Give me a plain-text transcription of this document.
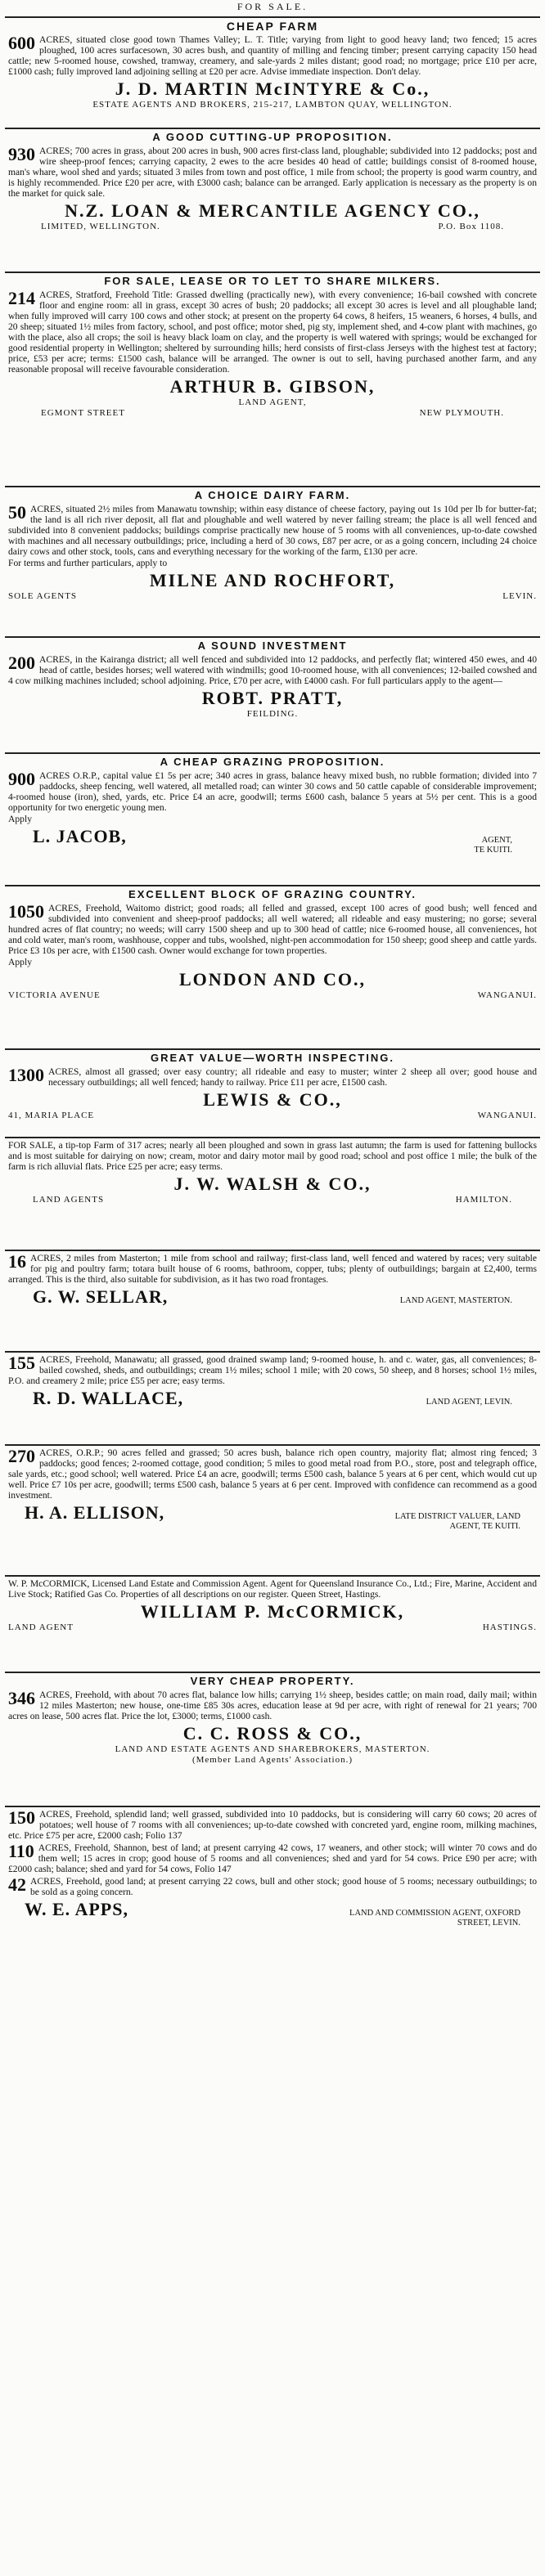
FOR SALE.
CHEAP FARM
600 ACRES, situated close good town Thames Valley; L. T. Title; varying from light to good heavy land; two fenced; 15 acres ploughed, 100 acres surfacesown, 30 acres bush, and quantity of milling and fencing timber; present carrying capacity 150 head cattle; new 5-roomed house, cowshed, tramway, creamery, and sale-yards 2 miles distant; good road; no mortgage; price £10 per acre, £1000 cash; fully improved land adjoining selling at £20 per acre. Advise immediate inspection. Don't delay.
J. D. MARTIN McINTYRE & Co.,
ESTATE AGENTS AND BROKERS, 215-217, LAMBTON QUAY, WELLINGTON.
A GOOD CUTTING-UP PROPOSITION.
930 ACRES; 700 acres in grass, about 200 acres in bush, 900 acres first-class land, ploughable; subdivided into 12 paddocks; post and wire sheep-proof fences; carrying capacity, 2 ewes to the acre besides 40 head of cattle; buildings consist of 8-roomed house, man's whare, wool shed and yards; situated 3 miles from town and post office, 1 mile from school; the property is good warm country, and is highly recommended. Price £20 per acre, with £3000 cash; balance can be arranged. Early application is necessary as the property is on the market for quick sale.
N.Z. LOAN & MERCANTILE AGENCY CO.,
LIMITED, WELLINGTON.	P.O. Box 1108.
FOR SALE, LEASE OR TO LET TO SHARE MILKERS.
214 ACRES, Stratford, Freehold Title: Grassed dwelling (practically new), with every convenience; 16-bail cowshed with concrete floor and engine room: all in grass, except 30 acres of bush; 20 paddocks; all except 30 acres is level and all ploughable land; when fully improved will carry 100 cows and other stock; at present on the property 64 cows, 8 heifers, 15 weaners, 6 horses, 4 bulls, and 20 sheep; situated 1½ miles from factory, school, and post office; motor shed, pig sty, implement shed, and 4-cow plant with machines, go with the place, also all crops; the soil is heavy black loam on clay, and the property is well watered with springs; would be exchanged for good residential property in Wellington; sheltered by surrounding hills; herd consists of first-class Jerseys with the highest test at factory; price, £53 per acre; terms: £1500 cash, balance will be arranged. The owner is out to sell, having purchased another farm, and any reasonable proposal will receive favourable consideration.
ARTHUR B. GIBSON,
LAND AGENT,
EGMONT STREET	NEW PLYMOUTH.
A CHOICE DAIRY FARM.
50 ACRES, situated 2½ miles from Manawatu township; within easy distance of cheese factory, paying out 1s 10d per lb for butter-fat; the land is all rich river deposit, all flat and ploughable and well watered by never failing stream; the place is all well fenced and subdivided into 8 convenient paddocks; buildings comprise practically new house of 5 rooms with all conveniences, up-to-date cowshed with machines and all necessary outbuildings; price, including a herd of 30 cows, £87 per acre, or as a going concern, including 24 choice dairy cows and other stock, tools, cans and everything necessary for the working of the farm, £130 per acre.
For terms and further particulars, apply to
MILNE AND ROCHFORT,
SOLE AGENTS	LEVIN.
A SOUND INVESTMENT
200 ACRES, in the Kairanga district; all well fenced and subdivided into 12 paddocks, and perfectly flat; wintered 450 ewes, and 40 head of cattle, besides horses; well watered with windmills; good 10-roomed house, with all conveniences; 12-bailed cowshed and 4 cow milking machines included; school adjoining. Price, £70 per acre, with £4000 cash. For full particulars apply to the agent—
ROBT. PRATT,
FEILDING.
A CHEAP GRAZING PROPOSITION.
900 ACRES O.R.P., capital value £1 5s per acre; 340 acres in grass, balance heavy mixed bush, no rubble formation; divided into 7 paddocks, sheep fencing, well watered, all metalled road; can winter 30 cows and 50 cattle capable of considerable improvement; 4-roomed house (iron), shed, yards, etc. Price £4 an acre, goodwill; terms £600 cash, balance 5 years at 5½ per cent. This is a good opportunity for two energetic young men.
Apply
L. JACOB,	AGENT,
TE KUITI.
EXCELLENT BLOCK OF GRAZING COUNTRY.
1050 ACRES, Freehold, Waitomo district; good roads; all felled and grassed, except 100 acres of good bush; well fenced and subdivided into convenient and sheep-proof paddocks; all well watered; all rideable and easy mustering; no gorse; several hundred acres of flat country; no weeds; will carry 1500 sheep and up to 300 head of cattle; nice 6-roomed house, all conveniences, hot and cold water, man's room, washhouse, copper and tubs, woolshed, night-pen accommodation for 150 sheep; good sheep and cattle yards. Price £3 10s per acre, with £1500 cash. Owner would exchange for town properties.
Apply
LONDON AND CO.,
VICTORIA AVENUE	WANGANUI.
GREAT VALUE—WORTH INSPECTING.
1300 ACRES, almost all grassed; over easy country; all rideable and easy to muster; winter 2 sheep all over; good house and necessary outbuildings; all well fenced; handy to railway. Price £11 per acre, £1500 cash.
LEWIS & CO.,
41, MARIA PLACE	WANGANUI.
FOR SALE, a tip-top Farm of 317 acres; nearly all been ploughed and sown in grass last autumn; the farm is used for fattening bullocks and is most suitable for dairying on now; cream, motor and dairy motor mail by good road; school and post office 1 mile; the bulk of the farm is rich alluvial flats. Price £25 per acre; easy terms.
J. W. WALSH & CO.,
LAND AGENTS	HAMILTON.
16 ACRES, 2 miles from Masterton; 1 mile from school and railway; first-class land, well fenced and watered by races; very suitable for pig and poultry farm; totara built house of 6 rooms, bathroom, copper, tubs; plenty of outbuildings; bargain at £2,400, terms arranged. This is the third, also suitable for subdivision, as it has two road frontages.
G. W. SELLAR,	LAND AGENT, MASTERTON.
155 ACRES, Freehold, Manawatu; all grassed, good drained swamp land; 9-roomed house, h. and c. water, gas, all conveniences; 8-bailed cowshed, sheds, and outbuildings; cream 1½ miles; school 1 mile; with 20 cows, 50 sheep, and 8 horses; school 1½ miles, P.O. and creamery 2 mile; price £55 per acre; easy terms.
R. D. WALLACE,	LAND AGENT, LEVIN.
270 ACRES, O.R.P.; 90 acres felled and grassed; 50 acres bush, balance rich open country, majority flat; almost ring fenced; 3 paddocks; good fences; 2-roomed cottage, good condition; 5 miles to good metal road from P.O., store, post and telegraph office, sale yards, etc.; good school; well watered. Price £4 an acre, goodwill; terms £500 cash, balance 5 years at 6 per cent, which would cut up well. Price £7 10s per acre, goodwill; terms £500 cash, balance 5 years at 6 per cent. Improved with confidence can recommend as a good investment.
H. A. ELLISON,	LATE DISTRICT VALUER, LAND AGENT, TE KUITI.
W. P. McCORMICK, Licensed Land Estate and Commission Agent. Agent for Queensland Insurance Co., Ltd.; Fire, Marine, Accident and Live Stock; Ratified Gas Co. Properties of all descriptions on our register. Queen Street, Hastings.
WILLIAM P. McCORMICK,
LAND AGENT	HASTINGS.
VERY CHEAP PROPERTY.
346 ACRES, Freehold, with about 70 acres flat, balance low hills; carrying 1½ sheep, besides cattle; on main road, daily mail; within 12 miles Masterton; new house, one-time £85 30s acres, education lease at 9d per acre, with right of renewal for 21 years; 700 acres on lease, 500 acres flat. Price the lot, £3000; terms, £1000 cash.
C. C. ROSS & CO.,
LAND AND ESTATE AGENTS AND SHAREBROKERS, MASTERTON.
(Member Land Agents' Association.)
150 ACRES, Freehold, splendid land; well grassed, subdivided into 10 paddocks, but is considering will carry 60 cows; 20 acres of potatoes; well house of 7 rooms with all conveniences; up-to-date cowshed with concreted yard, engine room, milking machines, etc. Price £75 per acre, £2000 cash; Folio 137
110 ACRES, Freehold, Shannon, best of land; at present carrying 42 cows, 17 weaners, and other stock; will winter 70 cows and do them well; 15 acres in crop; good house of 5 rooms and all conveniences; shed and yard for 54 cows. Price £90 per acre; with £2000 cash; balance; shed and yard for 54 cows, Folio 147
42 ACRES, Freehold, good land; at present carrying 22 cows, bull and other stock; good house of 5 rooms; necessary outbuildings; to be sold as a going concern.
W. E. APPS,	LAND AND COMMISSION AGENT, OXFORD STREET, LEVIN.
